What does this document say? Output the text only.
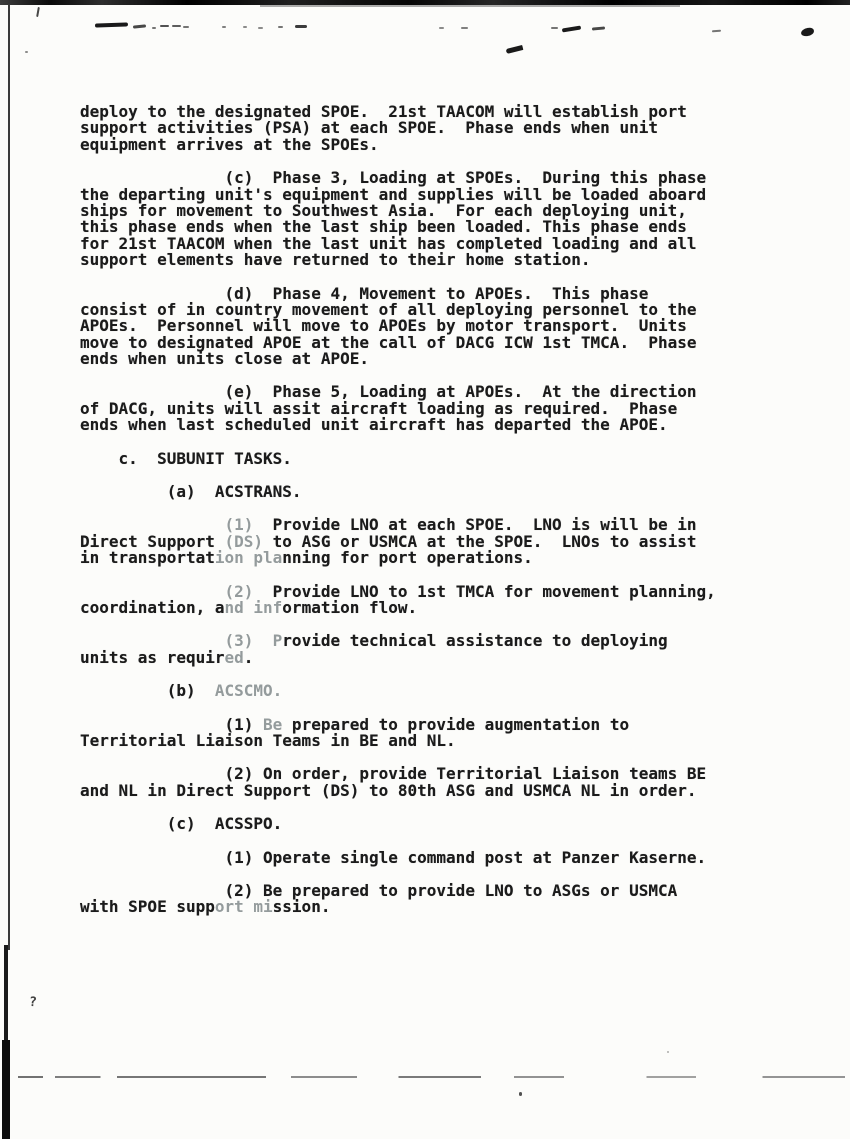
deploy to the designated SPOE.  21st TAACOM will establish port
support activities (PSA) at each SPOE.  Phase ends when unit
equipment arrives at the SPOEs.
(c)  Phase 3, Loading at SPOEs.  During this phase
the departing unit's equipment and supplies will be loaded aboard
ships for movement to Southwest Asia.  For each deploying unit,
this phase ends when the last ship been loaded. This phase ends
for 21st TAACOM when the last unit has completed loading and all
support elements have returned to their home station.
(d)  Phase 4, Movement to APOEs.  This phase
consist of in country movement of all deploying personnel to the
APOEs.  Personnel will move to APOEs by motor transport.  Units
move to designated APOE at the call of DACG ICW 1st TMCA.  Phase
ends when units close at APOE.
(e)  Phase 5, Loading at APOEs.  At the direction
of DACG, units will assit aircraft loading as required.  Phase
ends when last scheduled unit aircraft has departed the APOE.
c.  SUBUNIT TASKS.
(a)  ACSTRANS.
(1)  Provide LNO at each SPOE.  LNO is will be in
Direct Support (DS) to ASG or USMCA at the SPOE.  LNOs to assist
in transportation planning for port operations.
(2)  Provide LNO to 1st TMCA for movement planning,
coordination, and information flow.
(3)  Provide technical assistance to deploying
units as required.
(b)  ACSCMO.
(1) Be prepared to provide augmentation to
Territorial Liaison Teams in BE and NL.
(2) On order, provide Territorial Liaison teams BE
and NL in Direct Support (DS) to 80th ASG and USMCA NL in order.
(c)  ACSSPO.
(1) Operate single command post at Panzer Kaserne.
(2) Be prepared to provide LNO to ASGs or USMCA
with SPOE support mission.
?
